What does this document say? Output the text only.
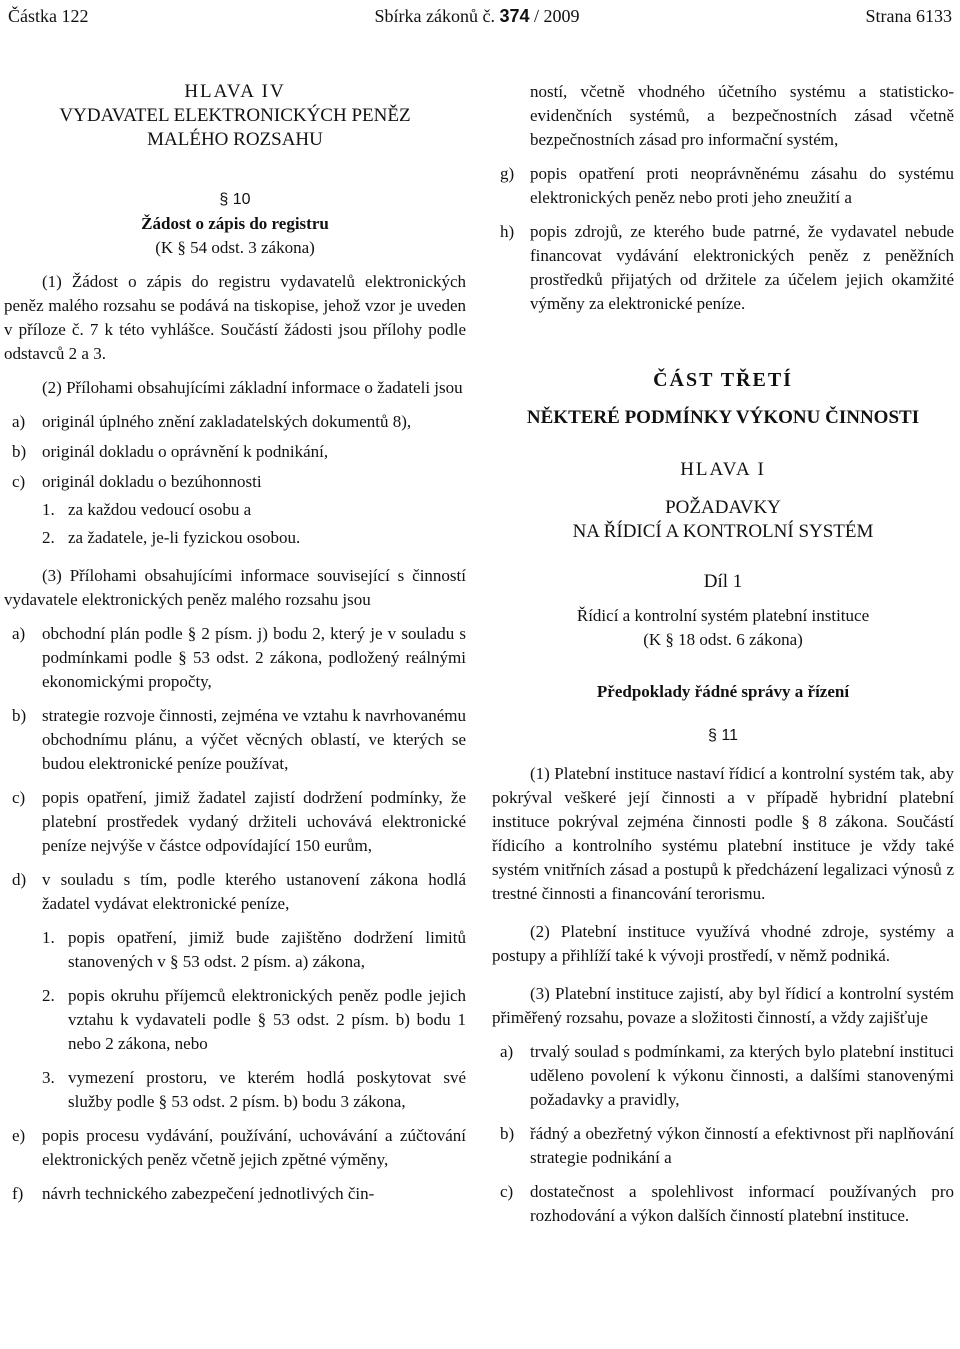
Částka 122	Sbírka zákonů č. 374 / 2009	Strana 6133
HLAVA IV
VYDAVATEL ELEKTRONICKÝCH PENĚZ
MALÉHO ROZSAHU
§ 10
Žádost o zápis do registru
(K § 54 odst. 3 zákona)

(1) Žádost o zápis do registru vydavatelů elektronických peněz malého rozsahu se podává na tiskopise, jehož vzor je uveden v příloze č. 7 k této vyhlášce. Součástí žádosti jsou přílohy podle odstavců 2 a 3.

(2) Přílohami obsahujícími základní informace o žadateli jsou

a) originál úplného znění zakladatelských dokumentů 8),
b) originál dokladu o oprávnění k podnikání,
c) originál dokladu o bezúhonnosti
1. za každou vedoucí osobu a
2. za žadatele, je-li fyzickou osobou.

(3) Přílohami obsahujícími informace související s činností vydavatele elektronických peněz malého rozsahu jsou

a) obchodní plán podle § 2 písm. j) bodu 2, který je v souladu s podmínkami podle § 53 odst. 2 zákona, podložený reálnými ekonomickými propočty,
b) strategie rozvoje činnosti, zejména ve vztahu k navrhovanému obchodnímu plánu, a výčet věcných oblastí, ve kterých se budou elektronické peníze používat,
c) popis opatření, jimiž žadatel zajistí dodržení podmínky, že platební prostředek vydaný držiteli uchovává elektronické peníze nejvýše v částce odpovídající 150 eurům,
d) v souladu s tím, podle kterého ustanovení zákona hodlá žadatel vydávat elektronické peníze,
1. popis opatření, jimiž bude zajištěno dodržení limitů stanovených v § 53 odst. 2 písm. a) zákona,
2. popis okruhu příjemců elektronických peněz podle jejich vztahu k vydavateli podle § 53 odst. 2 písm. b) bodu 1 nebo 2 zákona, nebo
3. vymezení prostoru, ve kterém hodlá poskytovat své služby podle § 53 odst. 2 písm. b) bodu 3 zákona,
e) popis procesu vydávání, používání, uchovávání a zúčtování elektronických peněz včetně jejich zpětné výměny,
f)	návrh technického zabezpečení jednotlivých čin-

ností, včetně vhodného účetního systému a statisticko-evidenčních systémů, a bezpečnostních zásad včetně bezpečnostních zásad pro informační systém,

g) popis opatření proti neoprávněnému zásahu do systému elektronických peněz nebo proti jeho zneužití a
h) popis zdrojů, ze kterého bude patrné, že vydavatel nebude financovat vydávání elektronických peněz z peněžních prostředků přijatých od držitele za účelem jejich okamžité výměny za elektronické peníze.
ČÁST TŘETÍ
NĚKTERÉ PODMÍNKY VÝKONU ČINNOSTI
HLAVA I
POŽADAVKY
NA ŘÍDICÍ A KONTROLNÍ SYSTÉM
Díl 1
Řídicí a kontrolní systém platební instituce
(K § 18 odst. 6 zákona)
Předpoklady řádné správy a řízení
§ 11

(1) Platební instituce nastaví řídicí a kontrolní systém tak, aby pokrýval veškeré její činnosti a v případě hybridní platební instituce pokrýval zejména činnosti podle § 8 zákona. Součástí řídicího a kontrolního systému platební instituce je vždy také systém vnitřních zásad a postupů k předcházení legalizaci výnosů z trestné činnosti a financování terorismu.

(2) Platební instituce využívá vhodné zdroje, systémy a postupy a přihlíží také k vývoji prostředí, v němž podniká.

(3) Platební instituce zajistí, aby byl řídicí a kontrolní systém přiměřený rozsahu, povaze a složitosti činností, a vždy zajišťuje

a) trvalý soulad s podmínkami, za kterých bylo platební instituci uděleno povolení k výkonu činnosti, a dalšími stanovenými požadavky a pravidly,
b) řádný a obezřetný výkon činností a efektivnost při naplňování strategie podnikání a
c) dostatečnost a spolehlivost informací používaných pro rozhodování a výkon dalších činností platební instituce.
